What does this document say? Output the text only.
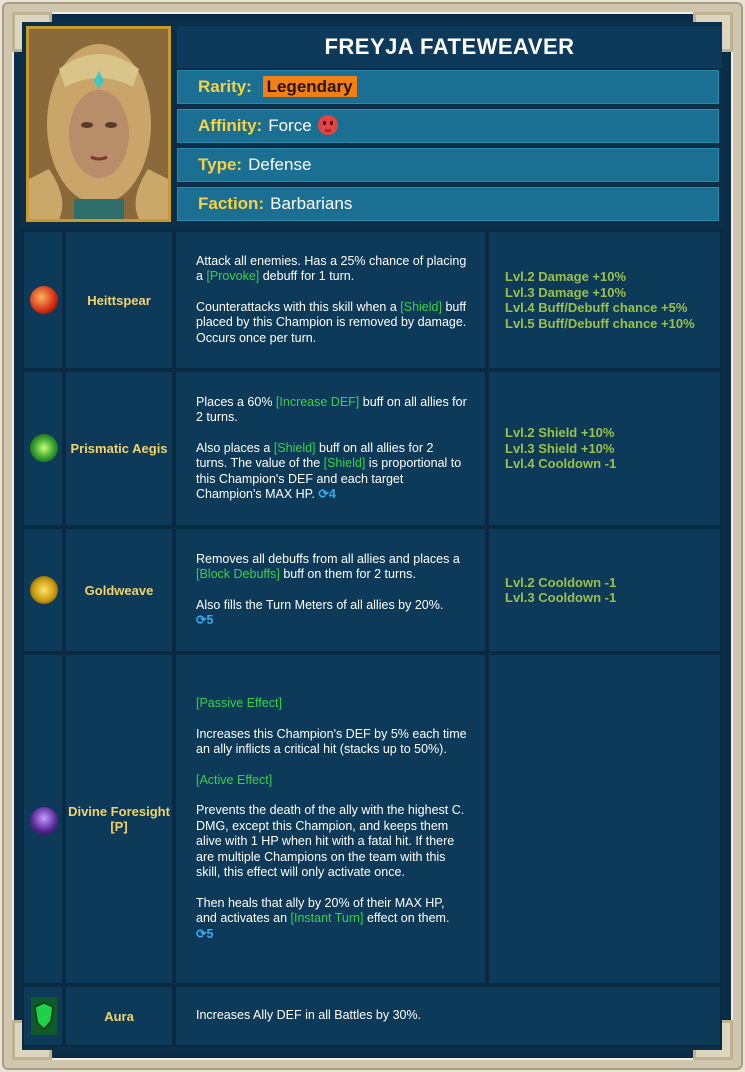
FREYJA FATEWEAVER
Rarity: Legendary
Affinity: Force
Type: Defense
Faction: Barbarians
Heittspear

Attack all enemies. Has a 25% chance of placing a [Provoke] debuff for 1 turn.

Counterattacks with this skill when a [Shield] buff placed by this Champion is removed by damage. Occurs once per turn.

Lvl.2 Damage +10%
Lvl.3 Damage +10%
Lvl.4 Buff/Debuff chance +5%
Lvl.5 Buff/Debuff chance +10%
Prismatic Aegis

Places a 60% [Increase DEF] buff on all allies for 2 turns.

Also places a [Shield] buff on all allies for 2 turns. The value of the [Shield] is proportional to this Champion's DEF and each target Champion's MAX HP. ⟳4

Lvl.2 Shield +10%
Lvl.3 Shield +10%
Lvl.4 Cooldown -1
Goldweave

Removes all debuffs from all allies and places a [Block Debuffs] buff on them for 2 turns.

Also fills the Turn Meters of all allies by 20%.
⟳5

Lvl.2 Cooldown -1
Lvl.3 Cooldown -1
Divine Foresight [P]

[Passive Effect]

Increases this Champion's DEF by 5% each time an ally inflicts a critical hit (stacks up to 50%).

[Active Effect]

Prevents the death of the ally with the highest C. DMG, except this Champion, and keeps them alive with 1 HP when hit with a fatal hit. If there are multiple Champions on the team with this skill, this effect will only activate once.

Then heals that ally by 20% of their MAX HP, and activates an [Instant Turn] effect on them.
⟳5

Aura	Increases Ally DEF in all Battles by 30%.
